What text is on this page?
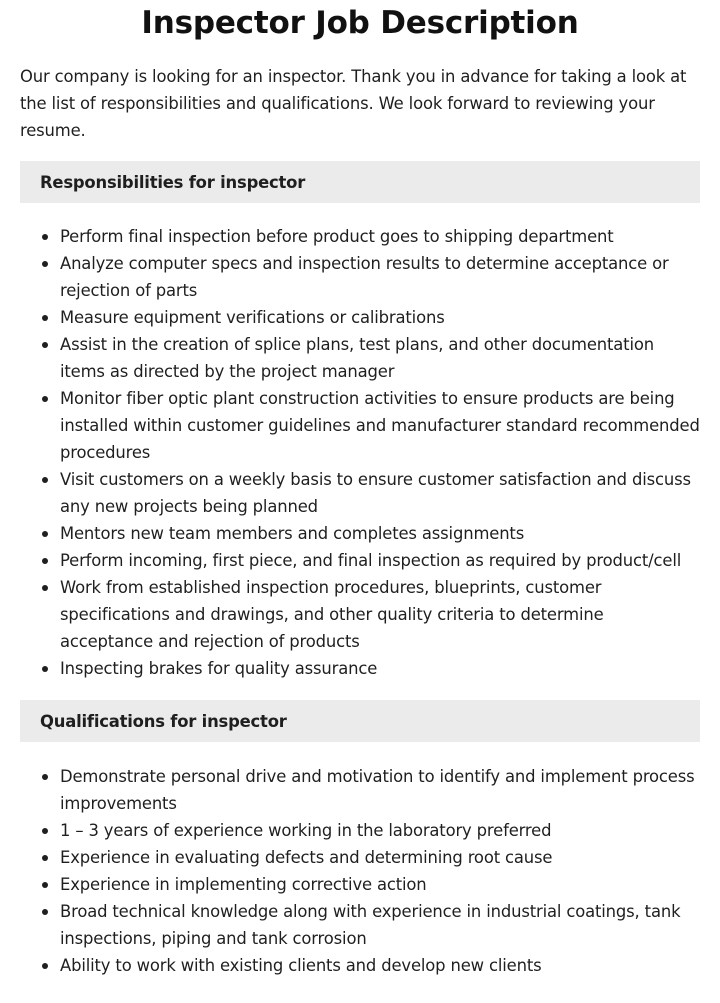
Inspector Job Description

Our company is looking for an inspector. Thank you in advance for taking a look at the list of responsibilities and qualifications. We look forward to reviewing your resume.

Responsibilities for inspector
Perform final inspection before product goes to shipping department
Analyze computer specs and inspection results to determine acceptance or rejection of parts
Measure equipment verifications or calibrations
Assist in the creation of splice plans, test plans, and other documentation items as directed by the project manager
Monitor fiber optic plant construction activities to ensure products are being installed within customer guidelines and manufacturer standard recommended procedures
Visit customers on a weekly basis to ensure customer satisfaction and discuss any new projects being planned
Mentors new team members and completes assignments
Perform incoming, first piece, and final inspection as required by product/cell
Work from established inspection procedures, blueprints, customer specifications and drawings, and other quality criteria to determine acceptance and rejection of products
Inspecting brakes for quality assurance
Qualifications for inspector
Demonstrate personal drive and motivation to identify and implement process improvements
1 – 3 years of experience working in the laboratory preferred
Experience in evaluating defects and determining root cause
Experience in implementing corrective action
Broad technical knowledge along with experience in industrial coatings, tank inspections, piping and tank corrosion
Ability to work with existing clients and develop new clients
